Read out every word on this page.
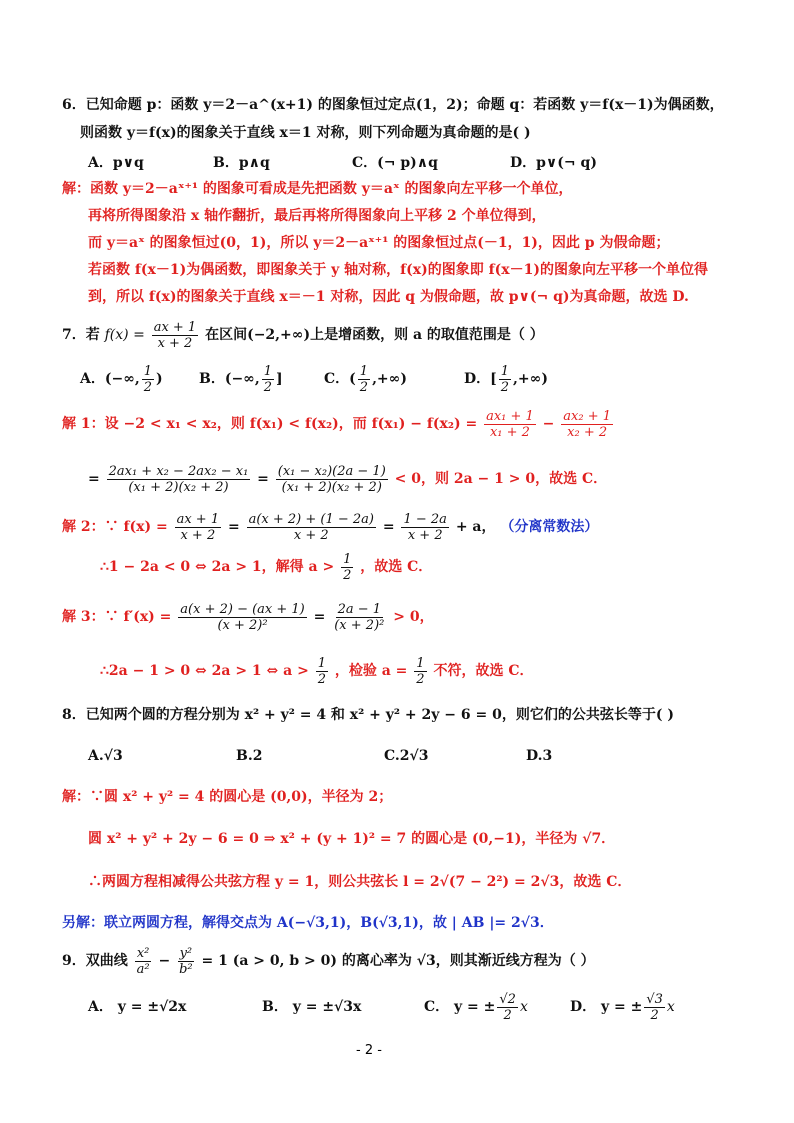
6．已知命题 p：函数 y＝2－a^(x+1) 的图象恒过定点(1，2)；命题 q：若函数 y＝f(x－1)为偶函数，
则函数 y＝f(x)的图象关于直线 x＝1 对称，则下列命题为真命题的是( )
A．p∨q	B．p∧q	C．(¬ p)∧q	D．p∨(¬ q)
解：函数 y＝2－aˣ⁺¹ 的图象可看成是先把函数 y＝aˣ 的图象向左平移一个单位，
再将所得图象沿 x 轴作翻折，最后再将所得图象向上平移 2 个单位得到，
而 y＝aˣ 的图象恒过(0，1)，所以 y＝2－aˣ⁺¹ 的图象恒过点(－1，1)，因此 p 为假命题；
若函数 f(x－1)为偶函数，即图象关于 y 轴对称，f(x)的图象即 f(x－1)的图象向左平移一个单位得
到，所以 f(x)的图象关于直线 x＝－1 对称，因此 q 为假命题，故 p∨(¬ q)为真命题，故选 D.
7．若 $f(x) = \frac{ax + 1}{x + 2}$ 在区间(−2,+∞)上是增函数，则 a 的取值范围是（ ）
A．(−∞, $\frac{1}{2}$ )	B．(−∞, $\frac{1}{2}$ ]	C．( $\frac{1}{2}$ ,+∞)	D．[ $\frac{1}{2}$ ,+∞)
解 1：设 −2 < x₁ < x₂，则 f(x₁) < f(x₂)，而 $f(x_1) - f(x_2) = \frac{\text{ax₁ + 1}}{\text{x₁ + 2}} - \frac{\text{ax₂ + 1}}{\text{x₂ + 2}}$
= $\frac{\text{2ax₁ + x₂ − 2ax₂ − x₁}}{\text{(x₁ + 2)(x₂ + 2)}} = \frac{\text{(x₁ − x₂)(2a − 1)}}{\text{(x₁ + 2)(x₂ + 2)}} < 0$，则 2a − 1 > 0，故选 C．
解 2：∵ $f(x) = \frac{ax + 1}{x + 2} = \frac{a(x + 2) + (1 - 2a)}{x + 2} = \frac{1 - 2a}{x + 2} + a$， （分离常数法）
∴1 − 2a < 0 ⇔ 2a > 1，解得 $a > \frac{1}{2}$ ，故选 C．
解 3：∵ $f'(x) = \frac{a(x + 2) - (ax + 1)}{\text{(x + 2)²}} = \frac{2a - 1}{\text{(x + 2)²}} > 0$，
∴2a − 1 > 0 ⇔ 2a > 1 ⇔ $a > \frac{1}{2}$ ，检验 $a = \frac{1}{2}$ 不符，故选 C．
8．已知两个圆的方程分别为 x² + y² = 4 和 x² + y² + 2y − 6 = 0，则它们的公共弦长等于( )
A.√3	B.2	C.2√3	D.3
解：∵圆 x² + y² = 4 的圆心是 (0,0)，半径为 2；
圆 x² + y² + 2y − 6 = 0 ⇒ x² + (y + 1)² = 7 的圆心是 (0,−1)，半径为 √7．
∴两圆方程相减得公共弦方程 y = 1，则公共弦长 l = 2√(7 − 2²) = 2√3，故选 C．
另解：联立两圆方程，解得交点为 A(−√3,1)，B(√3,1)，故 | AB |= 2√3．
9．双曲线 $\frac{\text{x²}}{\text{a²}} - \frac{\text{y²}}{\text{b²}} = 1$ (a > 0, b > 0) 的离心率为 √3，则其渐近线方程为（ ）
A． y = ±√2x	B． y = ±√3x	C． y = ± $\frac{√2}{2}$ x	D． y = ± $\frac{√3}{2}$ x
- 2 -
